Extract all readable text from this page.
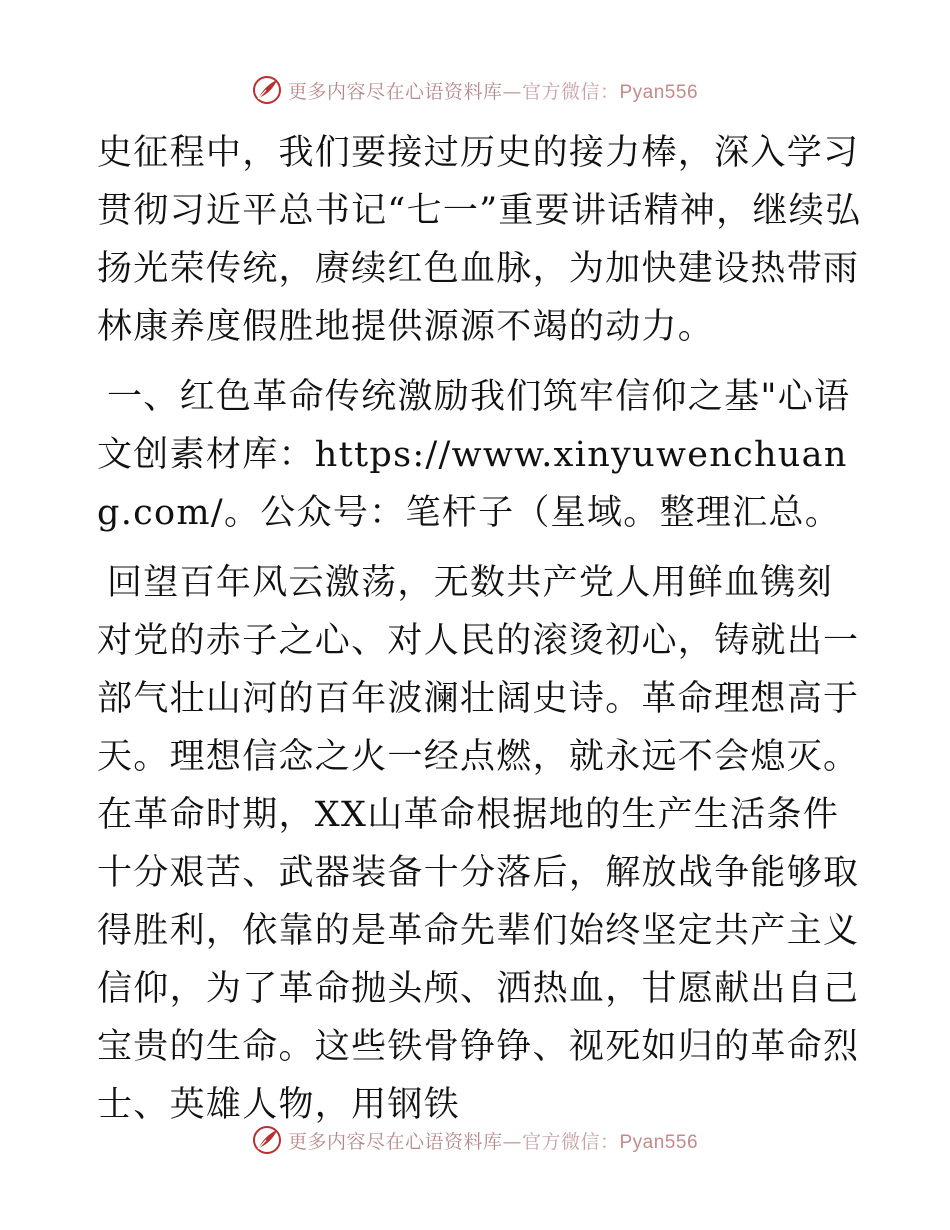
更多内容尽在心语资料库—官方微信：Pyan556

史征程中，我们要接过历史的接力棒，深入学习贯彻习近平总书记“七一”重要讲话精神，继续弘扬光荣传统，赓续红色血脉，为加快建设热带雨林康养度假胜地提供源源不竭的动力。

一、红色革命传统激励我们筑牢信仰之基"心语文创素材库：https://www.xinyuwenchuang.com/。公众号：笔杆子（星域。整理汇总。

回望百年风云激荡，无数共产党人用鲜血镌刻对党的赤子之心、对人民的滚烫初心，铸就出一部气壮山河的百年波澜壮阔史诗。革命理想高于天。理想信念之火一经点燃，就永远不会熄灭。在革命时期，XX山革命根据地的生产生活条件十分艰苦、武器装备十分落后，解放战争能够取得胜利，依靠的是革命先辈们始终坚定共产主义信仰，为了革命抛头颅、洒热血，甘愿献出自己宝贵的生命。这些铁骨铮铮、视死如归的革命烈士、英雄人物，用钢铁

更多内容尽在心语资料库—官方微信：Pyan556
